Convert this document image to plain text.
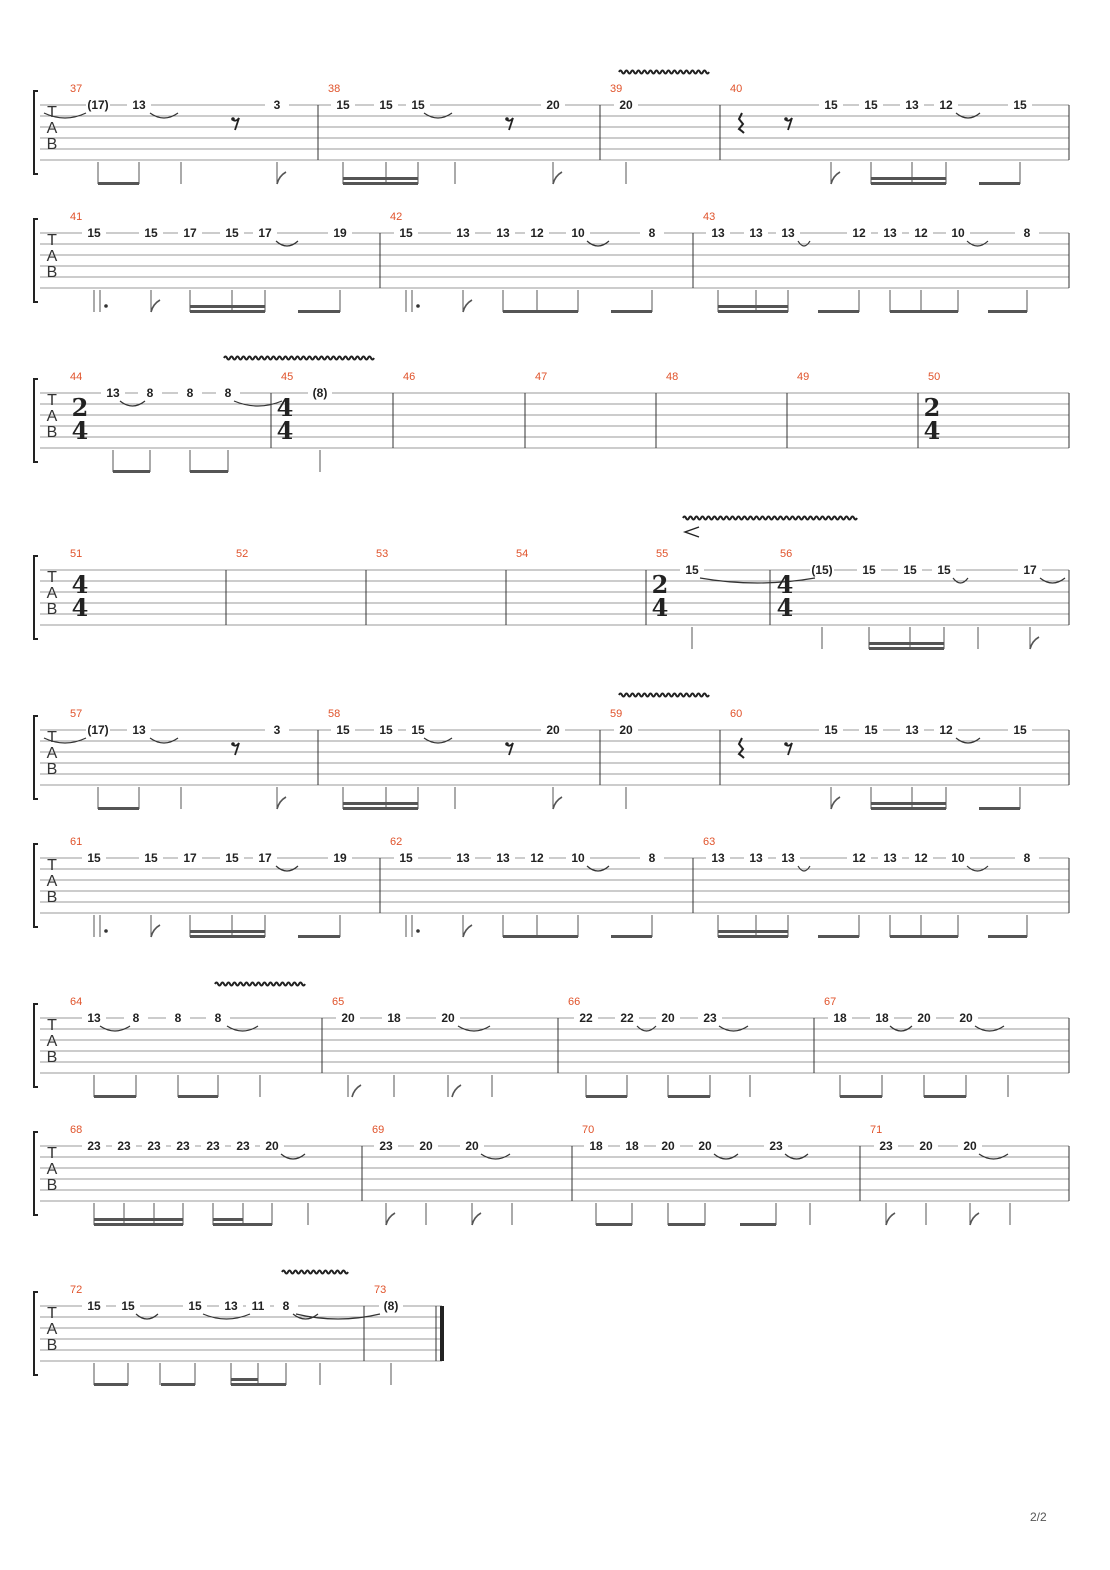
T
A
B
37
(17) 13	3
38
15 15 15	20
39
20
40
15 15 13 12	15
T
A
B
41
15	15 17 15 17	19
42
15	13 13 12 10	8
43
13 13 13	12 13 12 10	8
T
A
B
44
2
4
13 8	8	8
45
4
4
(8)
46	47	48	49	50
2
4
T
A
B
51
4
4
52	53	54	55
2
4
15
56
4
4
(15) 15 15 15	17
T
A
B
57
(17) 13	3
58
15 15 15	20
59
20
60
15 15 13 12	15
T
A
B
61
15	15 17 15 17	19
62
15	13 13 12 10	8
63
13 13 13	12 13 12 10	8
T
A
B
64
13	8	8	8
65
20	18	20
66
22 22 20 23
67
18 18 20 20
T
A
B
68
23 23 23 23 23 23 20
69
23 20	20
70
18 18 20 20	23
71
23 20	20
T
A
B
72
15 15	15 13 11 8
73
(8)
2/2
